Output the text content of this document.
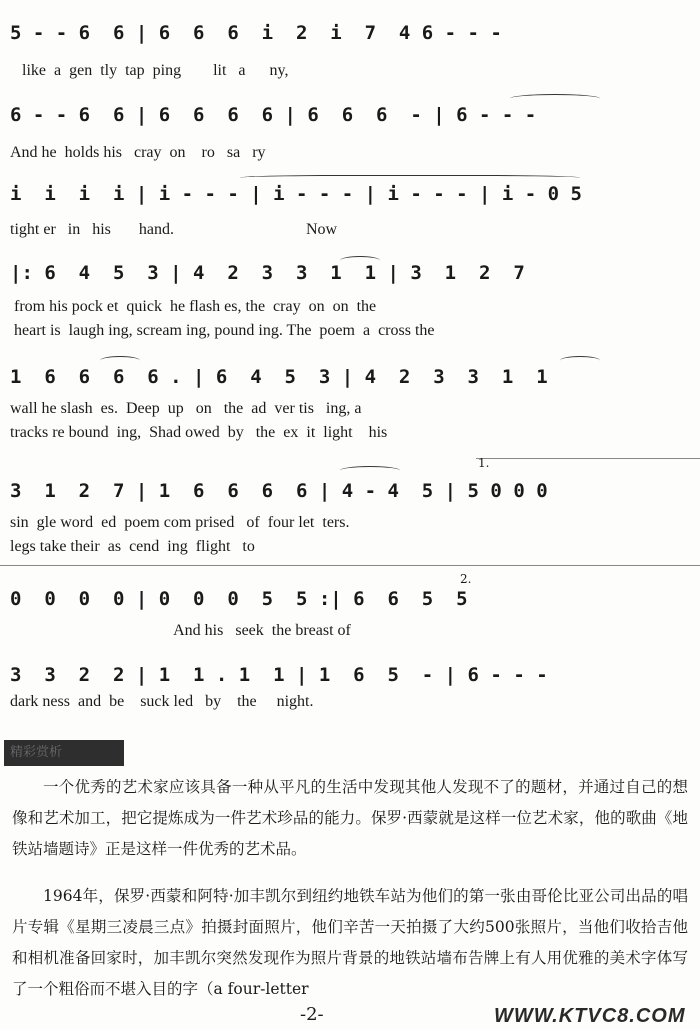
5 - - 6  6 | 6  6  6  i  2  i  7  4 6 - - -
like  a  gen  tly  tap  ping        lit   a      ny,
6 - - 6  6 | 6  6  6  6 | 6  6  6  - | 6 - - -
And he  holds his   cray  on    ro   sa   ry
i  i  i  i | i - - - | i - - - | i - - - | i - 0 5
tight er   in   his       hand.                                 Now
|: 6  4  5  3 | 4  2  3  3  1  1 | 3  1  2  7
from his pock et  quick  he flash es, the  cray  on  on  the
heart is  laugh ing, scream ing, pound ing. The  poem  a  cross the
1  6  6  6  6 . | 6  4  5  3 | 4  2  3  3  1  1
wall he slash  es.  Deep  up   on   the  ad  ver tis   ing, a
tracks re bound  ing,  Shad owed  by   the  ex  it  light    his
1.
3  1  2  7 | 1  6  6  6  6 | 4 - 4  5 | 5 0 0 0
sin  gle word  ed  poem com prised   of  four let  ters.
legs take their  as  cend  ing  flight   to
2.
0  0  0  0 | 0  0  0  5  5 :| 6  6  5  5
And his   seek  the breast of
3  3  2  2 | 1  1 . 1  1 | 1  6  5  - | 6 - - -
dark ness  and  be    suck led   by    the     night.
精彩赏析
一个优秀的艺术家应该具备一种从平凡的生活中发现其他人发现不了的题材，并通过自己的想像和艺术加工，把它提炼成为一件艺术珍品的能力。保罗·西蒙就是这样一位艺术家，他的歌曲《地铁站墙题诗》正是这样一件优秀的艺术品。
1964年，保罗·西蒙和阿特·加丰凯尔到纽约地铁车站为他们的第一张由哥伦比亚公司出品的唱片专辑《星期三凌晨三点》拍摄封面照片，他们辛苦一天拍摄了大约500张照片，当他们收拾吉他和相机准备回家时，加丰凯尔突然发现作为照片背景的地铁站墙布告牌上有人用优雅的美术字体写了一个粗俗而不堪入目的字（a four-letter
-2-	WWW.KTVC8.COM
